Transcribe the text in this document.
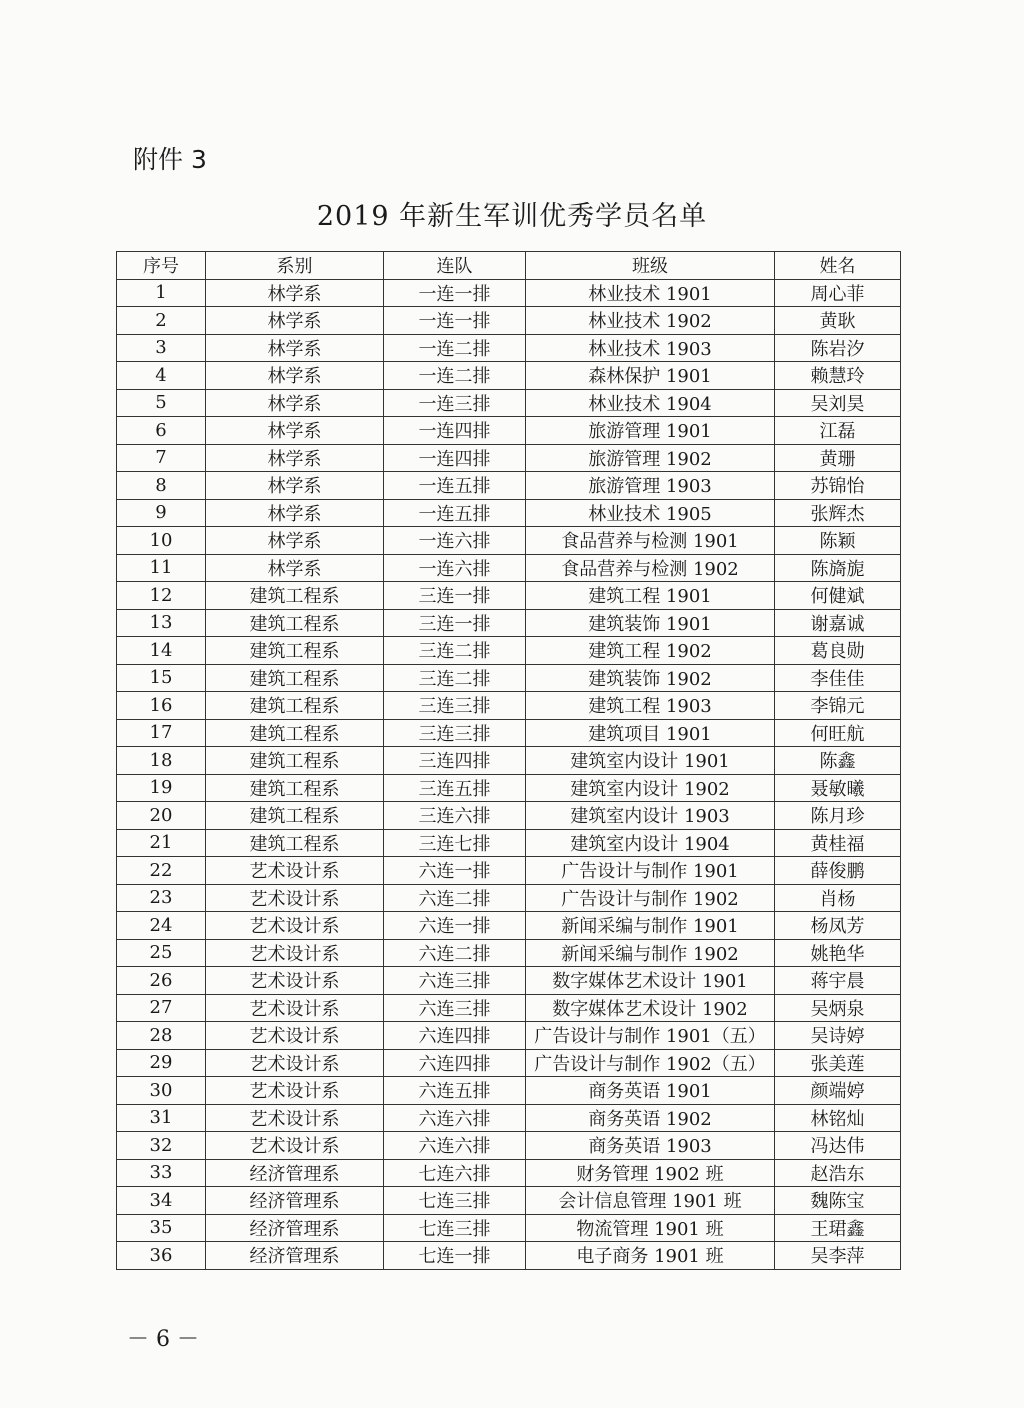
附件 3
2019 年新生军训优秀学员名单
序号	系别	连队	班级	姓名
1	林学系	一连一排	林业技术 1901	周心菲
2	林学系	一连一排	林业技术 1902	黄耿
3	林学系	一连二排	林业技术 1903	陈岩汐
4	林学系	一连二排	森林保护 1901	赖慧玲
5	林学系	一连三排	林业技术 1904	吴刘昊
6	林学系	一连四排	旅游管理 1901	江磊
7	林学系	一连四排	旅游管理 1902	黄珊
8	林学系	一连五排	旅游管理 1903	苏锦怡
9	林学系	一连五排	林业技术 1905	张辉杰
10	林学系	一连六排	食品营养与检测 1901	陈颖
11	林学系	一连六排	食品营养与检测 1902	陈旖旎
12	建筑工程系	三连一排	建筑工程 1901	何健斌
13	建筑工程系	三连一排	建筑装饰 1901	谢嘉诚
14	建筑工程系	三连二排	建筑工程 1902	葛良勋
15	建筑工程系	三连二排	建筑装饰 1902	李佳佳
16	建筑工程系	三连三排	建筑工程 1903	李锦元
17	建筑工程系	三连三排	建筑项目 1901	何旺航
18	建筑工程系	三连四排	建筑室内设计 1901	陈鑫
19	建筑工程系	三连五排	建筑室内设计 1902	聂敏曦
20	建筑工程系	三连六排	建筑室内设计 1903	陈月珍
21	建筑工程系	三连七排	建筑室内设计 1904	黄桂福
22	艺术设计系	六连一排	广告设计与制作 1901	薛俊鹏
23	艺术设计系	六连二排	广告设计与制作 1902	肖杨
24	艺术设计系	六连一排	新闻采编与制作 1901	杨凤芳
25	艺术设计系	六连二排	新闻采编与制作 1902	姚艳华
26	艺术设计系	六连三排	数字媒体艺术设计 1901	蒋宇晨
27	艺术设计系	六连三排	数字媒体艺术设计 1902	吴炳泉
28	艺术设计系	六连四排	广告设计与制作 1901（五）	吴诗婷
29	艺术设计系	六连四排	广告设计与制作 1902（五）	张美莲
30	艺术设计系	六连五排	商务英语 1901	颜端婷
31	艺术设计系	六连六排	商务英语 1902	林铭灿
32	艺术设计系	六连六排	商务英语 1903	冯达伟
33	经济管理系	七连六排	财务管理 1902 班	赵浩东
34	经济管理系	七连三排	会计信息管理 1901 班	魏陈宝
35	经济管理系	七连三排	物流管理 1901 班	王珺鑫
36	经济管理系	七连一排	电子商务 1901 班	吴李萍
－ 6 －
